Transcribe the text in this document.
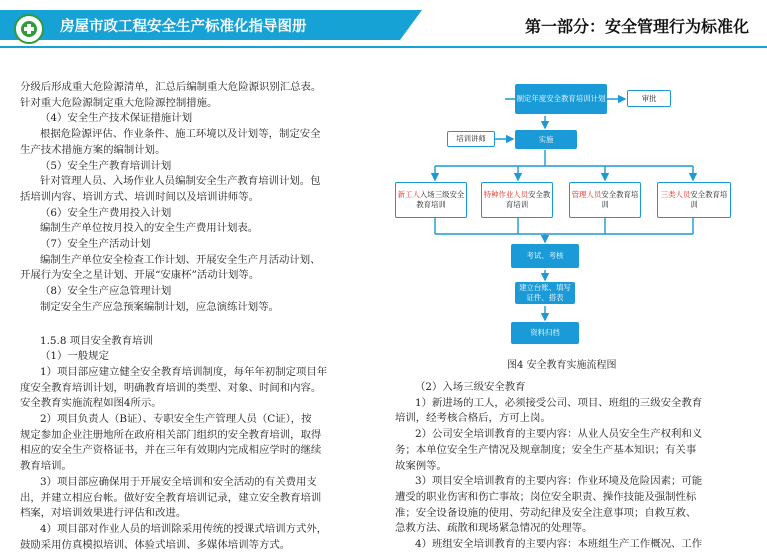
房屋市政工程安全生产标准化指导图册	第一部分：安全管理行为标准化

分级后形成重大危险源清单，汇总后编制重大危险源识别汇总表。

针对重大危险源制定重大危险源控制措施。

（4）安全生产技术保证措施计划

根据危险源评估、作业条件、施工环境以及计划等，制定安全

生产技术措施方案的编制计划。

（5）安全生产教育培训计划

针对管理人员、入场作业人员编制安全生产教育培训计划。包

括培训内容、培训方式、培训时间以及培训讲师等。

（6）安全生产费用投入计划

编制生产单位按月投入的安全生产费用计划表。

（7）安全生产活动计划

编制生产单位安全检查工作计划、开展安全生产月活动计划、

开展行为安全之星计划、开展“安康杯”活动计划等。

（8）安全生产应急管理计划

制定安全生产应急预案编制计划，应急演练计划等。

1.5.8 项目安全教育培训

（1）一般规定

1）项目部应建立健全安全教育培训制度，每年年初制定项目年

度安全教育培训计划，明确教育培训的类型、对象、时间和内容。

安全教育实施流程如图4所示。

2）项目负责人（B证）、专职安全生产管理人员（C证），按

规定参加企业注册地所在政府相关部门组织的安全教育培训，取得

相应的安全生产资格证书，并在三年有效期内完成相应学时的继续

教育培训。

3）项目部应确保用于开展安全培训和安全活动的有关费用支

出，并建立相应台帐。做好安全教育培训记录，建立安全教育培训

档案，对培训效果进行评估和改进。

4）项目部对作业人员的培训除采用传统的授课式培训方式外，

鼓励采用仿真模拟培训、体验式培训、多媒体培训等方式。

制定年度安全教育培训计划	审批
培训讲师	实施
新工人入场三级安全教育培训
特种作业人员安全教育培训
管理人员安全教育培训
三类人员安全教育培训
考试、考核
建立台账、填写证件、搭表
资料归档
图4 安全教育实施流程图

（2）入场三级安全教育

1）新进场的工人，必须接受公司、项目、班组的三级安全教育

培训，经考核合格后，方可上岗。

2）公司安全培训教育的主要内容：从业人员安全生产权利和义

务；本单位安全生产情况及规章制度；安全生产基本知识；有关事

故案例等。

3）项目安全培训教育的主要内容：作业环境及危险因素；可能

遭受的职业伤害和伤亡事故；岗位安全职责、操作技能及强制性标

准；安全设备设施的使用、劳动纪律及安全注意事项；自救互救、

急救方法、疏散和现场紧急情况的处理等。

4）班组安全培训教育的主要内容：本班组生产工作概况、工作
